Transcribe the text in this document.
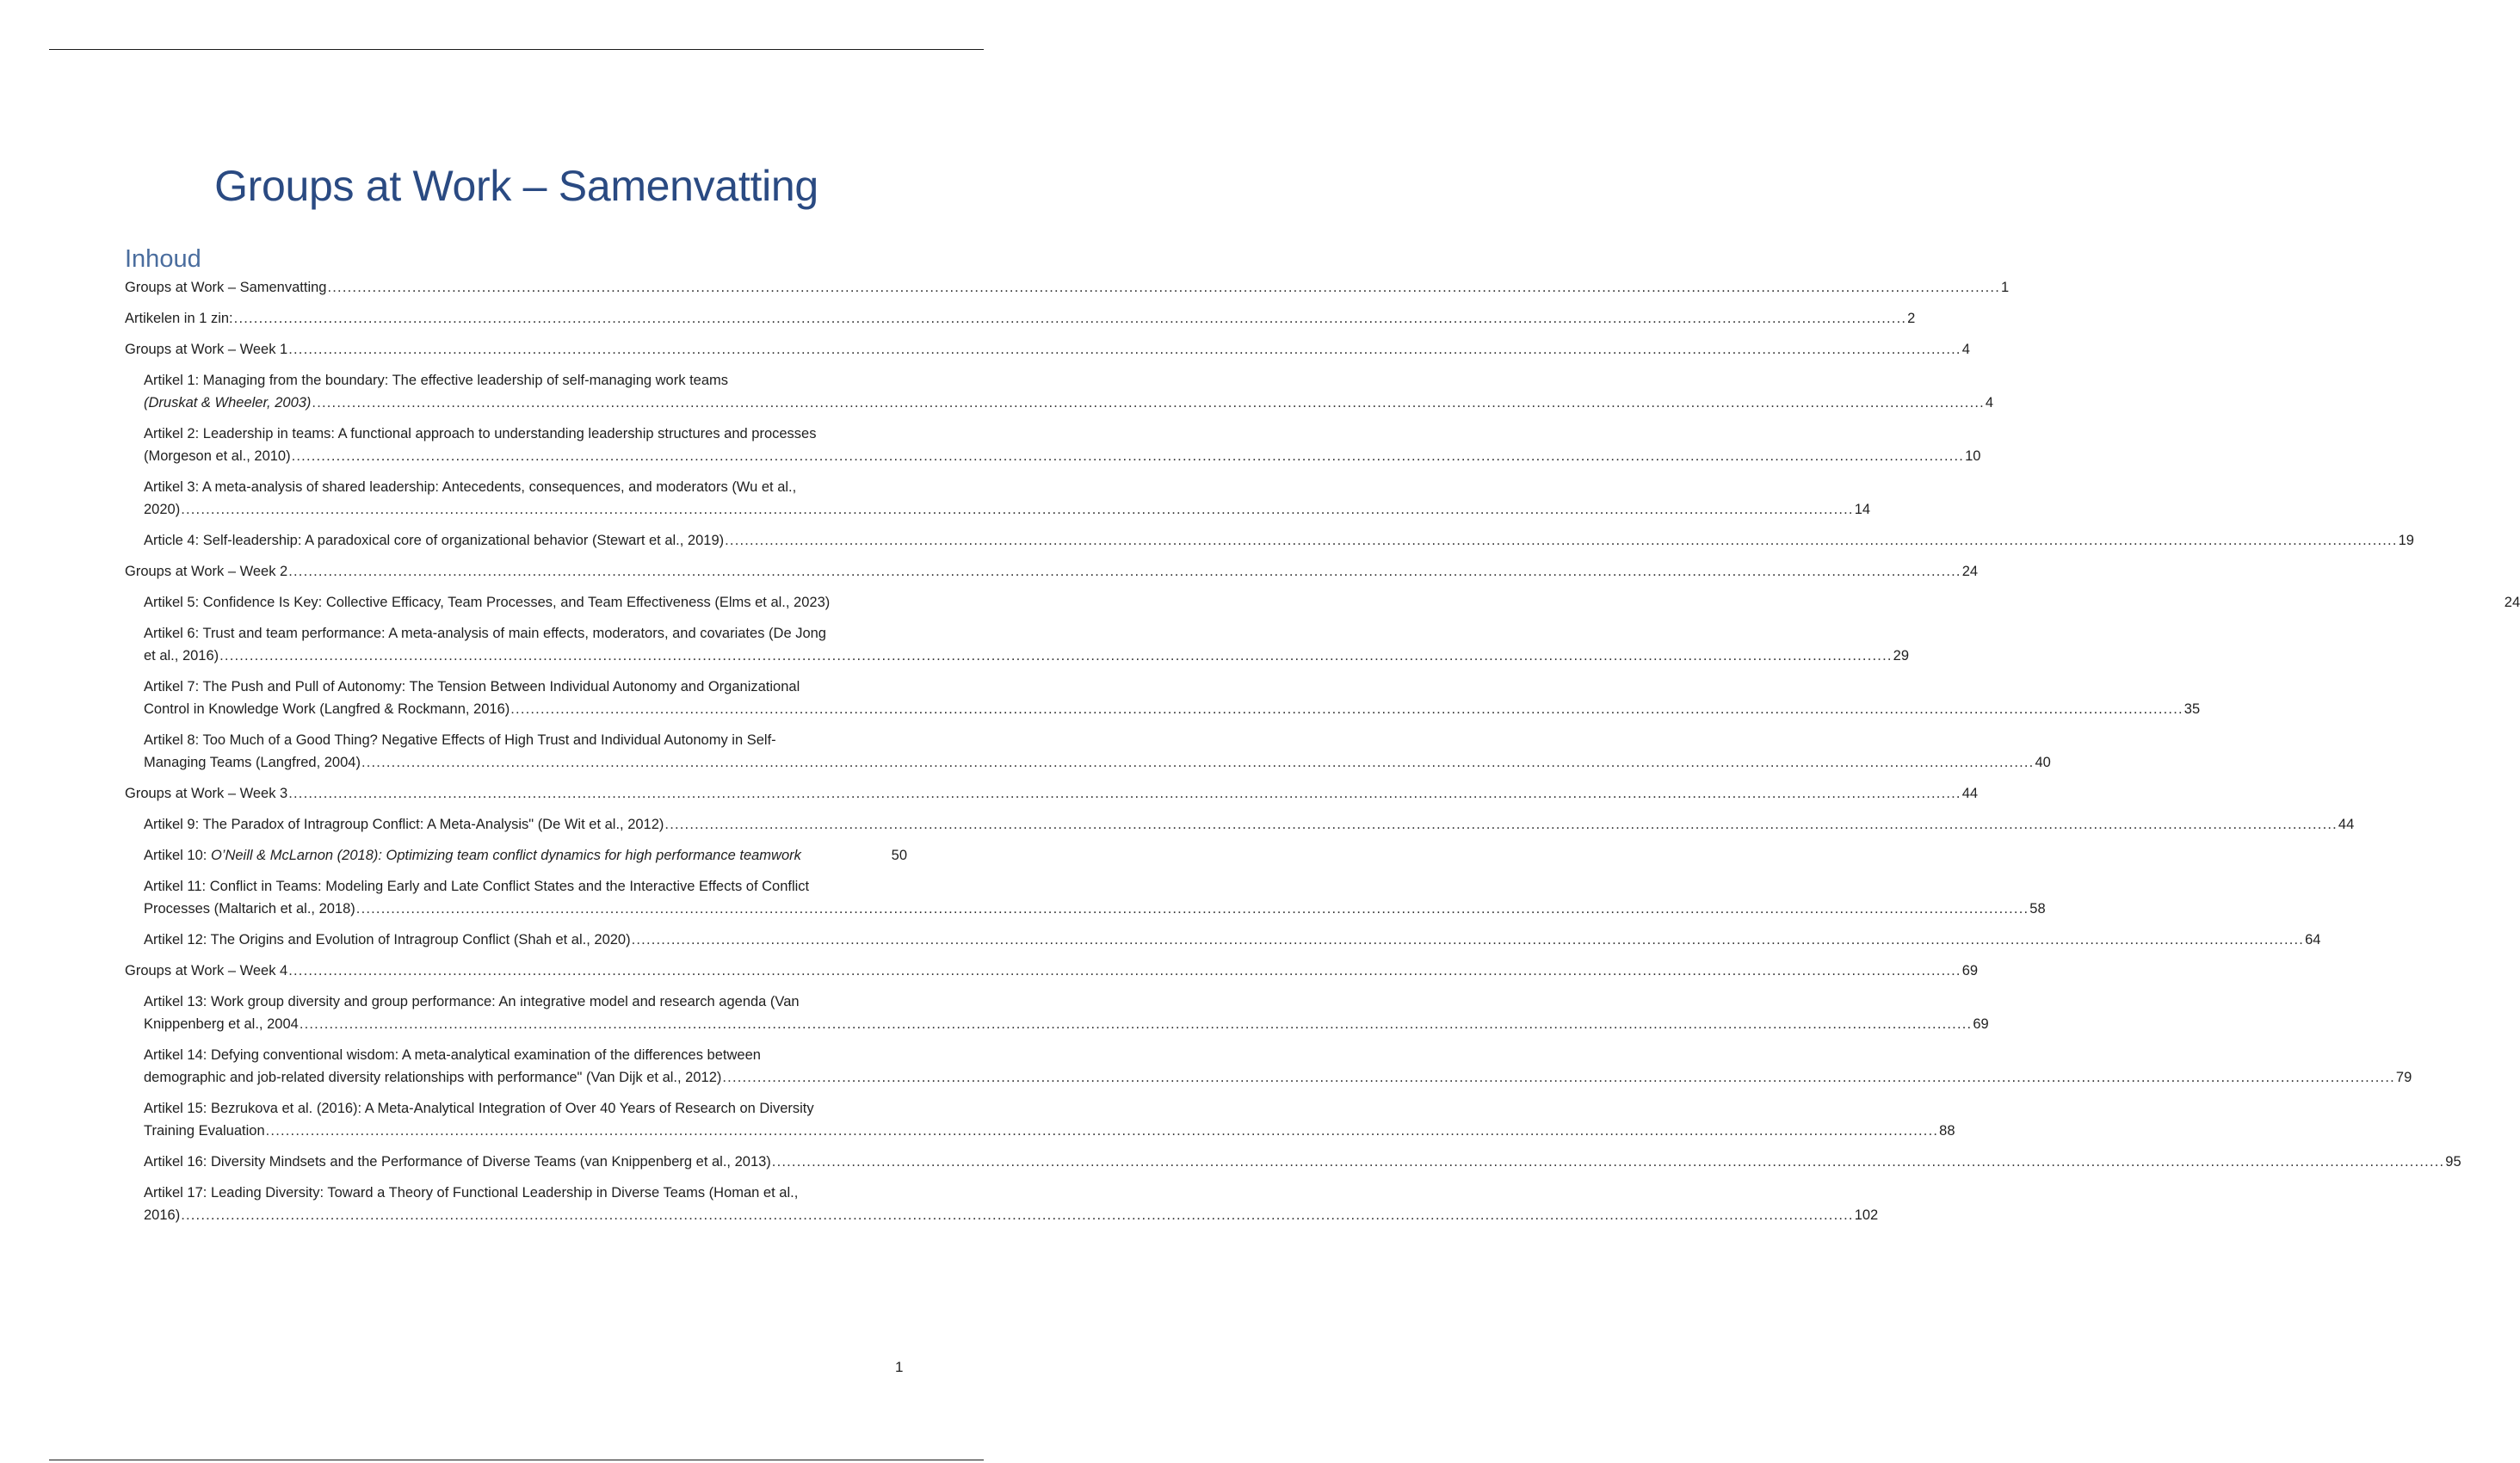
Groups at Work – Samenvatting
Inhoud
Groups at Work – Samenvatting .....	1
Artikelen in 1 zin: .....	2
Groups at Work – Week 1 .....	4
Artikel 1: Managing from the boundary: The effective leadership of self-managing work teams
(Druskat & Wheeler, 2003) .....	4
Artikel 2: Leadership in teams: A functional approach to understanding leadership structures and processes
(Morgeson et al., 2010) .....	10
Artikel 3: A meta-analysis of shared leadership: Antecedents, consequences, and moderators (Wu et al.,
2020) .....	14
Article 4: Self-leadership: A paradoxical core of organizational behavior (Stewart et al., 2019) .....	19
Groups at Work – Week 2 .....	24
Artikel 5: Confidence Is Key: Collective Efficacy, Team Processes, and Team Effectiveness (Elms et al., 2023)	24
Artikel 6: Trust and team performance: A meta-analysis of main effects, moderators, and covariates (De Jong
et al., 2016) .....	29
Artikel 7: The Push and Pull of Autonomy: The Tension Between Individual Autonomy and Organizational
Control in Knowledge Work (Langfred & Rockmann, 2016) .....	35
Artikel 8: Too Much of a Good Thing? Negative Effects of High Trust and Individual Autonomy in Self-
Managing Teams (Langfred, 2004) .....	40
Groups at Work – Week 3 .....	44
Artikel 9: The Paradox of Intragroup Conflict: A Meta-Analysis" (De Wit et al., 2012) .....	44
Artikel 10: O’Neill & McLarnon (2018): Optimizing team conflict dynamics for high performance teamwork	50
Artikel 11: Conflict in Teams: Modeling Early and Late Conflict States and the Interactive Effects of Conflict
Processes (Maltarich et al., 2018) .....	58
Artikel 12: The Origins and Evolution of Intragroup Conflict (Shah et al., 2020) .....	64
Groups at Work – Week 4 .....	69
Artikel 13: Work group diversity and group performance: An integrative model and research agenda (Van
Knippenberg et al., 2004 .....	69
Artikel 14: Defying conventional wisdom: A meta-analytical examination of the differences between
demographic and job-related diversity relationships with performance" (Van Dijk et al., 2012) .....	79
Artikel 15: Bezrukova et al. (2016): A Meta-Analytical Integration of Over 40 Years of Research on Diversity
Training Evaluation .....	88
Artikel 16: Diversity Mindsets and the Performance of Diverse Teams (van Knippenberg et al., 2013) .....	95
Artikel 17: Leading Diversity: Toward a Theory of Functional Leadership in Diverse Teams (Homan et al.,
2016) .....	102
1
